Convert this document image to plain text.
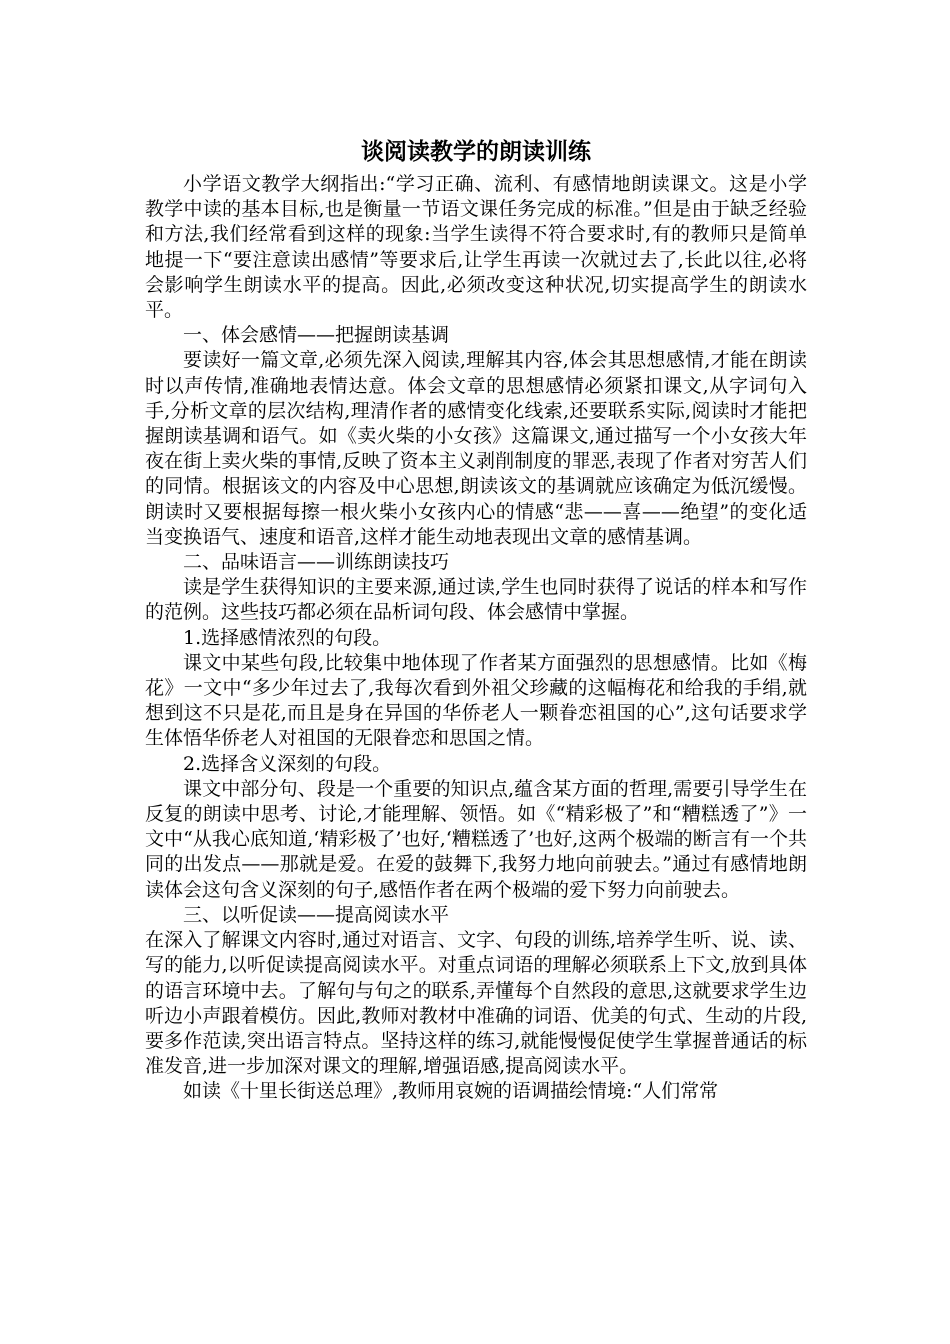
谈阅读教学的朗读训练

小学语文教学大纲指出:“学习正确、流利、有感情地朗读课文。这是小学教学中读的基本目标,也是衡量一节语文课任务完成的标准。”但是由于缺乏经验和方法,我们经常看到这样的现象:当学生读得不符合要求时,有的教师只是简单地提一下“要注意读出感情”等要求后,让学生再读一次就过去了,长此以往,必将会影响学生朗读水平的提高。因此,必须改变这种状况,切实提高学生的朗读水平。

一、体会感情——把握朗读基调

要读好一篇文章,必须先深入阅读,理解其内容,体会其思想感情,才能在朗读时以声传情,准确地表情达意。体会文章的思想感情必须紧扣课文,从字词句入手,分析文章的层次结构,理清作者的感情变化线索,还要联系实际,阅读时才能把握朗读基调和语气。如《卖火柴的小女孩》这篇课文,通过描写一个小女孩大年夜在街上卖火柴的事情,反映了资本主义剥削制度的罪恶,表现了作者对穷苦人们的同情。根据该文的内容及中心思想,朗读该文的基调就应该确定为低沉缓慢。朗读时又要根据每擦一根火柴小女孩内心的情感“悲——喜——绝望”的变化适当变换语气、速度和语音,这样才能生动地表现出文章的感情基调。

二、品味语言——训练朗读技巧

读是学生获得知识的主要来源,通过读,学生也同时获得了说话的样本和写作的范例。这些技巧都必须在品析词句段、体会感情中掌握。

1.选择感情浓烈的句段。

课文中某些句段,比较集中地体现了作者某方面强烈的思想感情。比如《梅花》一文中“多少年过去了,我每次看到外祖父珍藏的这幅梅花和给我的手绢,就想到这不只是花,而且是身在异国的华侨老人一颗眷恋祖国的心”,这句话要求学生体悟华侨老人对祖国的无限眷恋和思国之情。

2.选择含义深刻的句段。

课文中部分句、段是一个重要的知识点,蕴含某方面的哲理,需要引导学生在反复的朗读中思考、讨论,才能理解、领悟。如《“精彩极了”和“糟糕透了”》一文中“从我心底知道,‘精彩极了’也好,‘糟糕透了’也好,这两个极端的断言有一个共同的出发点——那就是爱。在爱的鼓舞下,我努力地向前驶去。”通过有感情地朗读体会这句含义深刻的句子,感悟作者在两个极端的爱下努力向前驶去。

三、以听促读——提高阅读水平

在深入了解课文内容时,通过对语言、文字、句段的训练,培养学生听、说、读、写的能力,以听促读提高阅读水平。对重点词语的理解必须联系上下文,放到具体的语言环境中去。了解句与句之的联系,弄懂每个自然段的意思,这就要求学生边听边小声跟着模仿。因此,教师对教材中准确的词语、优美的句式、生动的片段,要多作范读,突出语言特点。坚持这样的练习,就能慢慢促使学生掌握普通话的标准发音,进一步加深对课文的理解,增强语感,提高阅读水平。

如读《十里长街送总理》,教师用哀婉的语调描绘情境:“人们常常
